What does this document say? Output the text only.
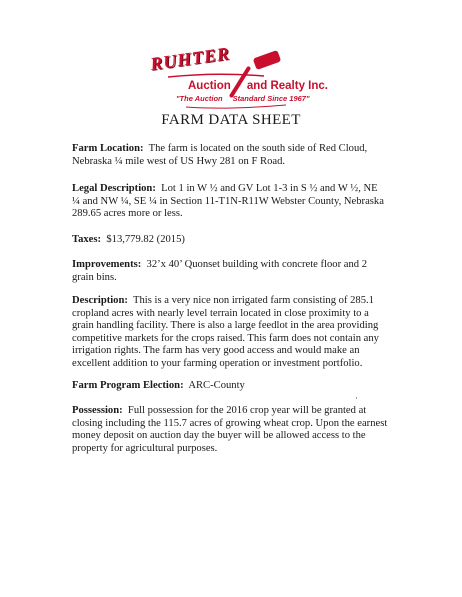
RUHTER
Auction and Realty Inc.
"The Auction Standard Since 1967"
FARM DATA SHEET
Farm Location: The farm is located on the south side of Red Cloud, Nebraska ¼ mile west of US Hwy 281 on F Road.
Legal Description: Lot 1 in W ½ and GV Lot 1-3 in S ½ and W ½, NE ¼ and NW ¼, SE ¼ in Section 11-T1N-R11W Webster County, Nebraska 289.65 acres more or less.
Taxes: $13,779.82 (2015)
Improvements: 32’x 40’ Quonset building with concrete floor and 2 grain bins.
Description: This is a very nice non irrigated farm consisting of 285.1 cropland acres with nearly level terrain located in close proximity to a grain handling facility. There is also a large feedlot in the area providing competitive markets for the crops raised. This farm does not contain any irrigation rights. The farm has very good access and would make an excellent addition to your farming operation or investment portfolio.
Farm Program Election: ARC-County
Possession: Full possession for the 2016 crop year will be granted at closing including the 115.7 acres of growing wheat crop. Upon the earnest money deposit on auction day the buyer will be allowed access to the property for agricultural purposes.
